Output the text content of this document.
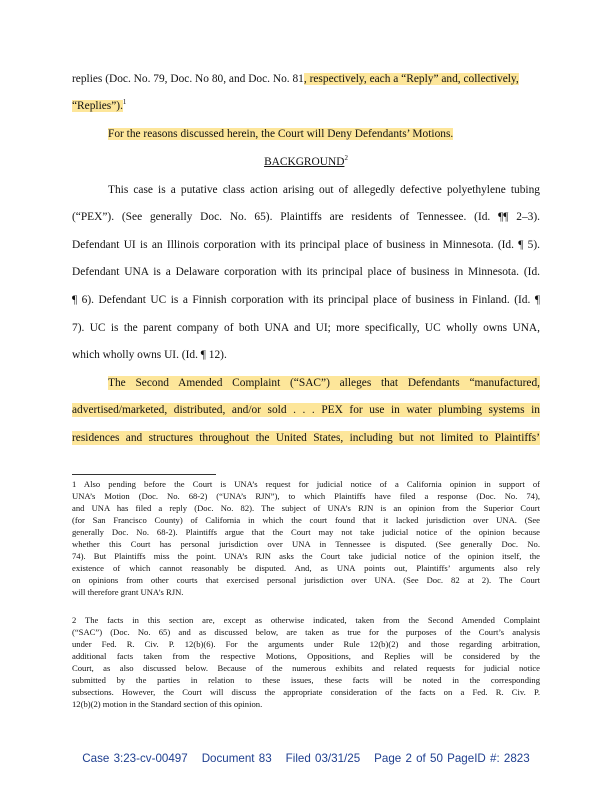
replies (Doc. No. 79, Doc. No 80, and Doc. No. 81, respectively, each a “Reply” and, collectively,
“Replies”).$^1$
For the reasons discussed herein, the Court will Deny Defendants’ Motions.
BACKGROUND$^2$
This case is a putative class action arising out of allegedly defective polyethylene tubing
(“PEX”). (See generally Doc. No. 65). Plaintiffs are residents of Tennessee. (Id. ¶¶ 2–3).
Defendant UI is an Illinois corporation with its principal place of business in Minnesota. (Id. ¶ 5).
Defendant UNA is a Delaware corporation with its principal place of business in Minnesota. (Id.
¶ 6). Defendant UC is a Finnish corporation with its principal place of business in Finland. (Id. ¶
7). UC is the parent company of both UNA and UI; more specifically, UC wholly owns UNA,
which wholly owns UI. (Id. ¶ 12).
The Second Amended Complaint (“SAC”) alleges that Defendants “manufactured,
advertised/marketed, distributed, and/or sold . . . PEX for use in water plumbing systems in
residences and structures throughout the United States, including but not limited to Plaintiffs’
1 Also pending before the Court is UNA’s request for judicial notice of a California opinion in support of
UNA’s Motion (Doc. No. 68-2) (“UNA’s RJN”), to which Plaintiffs have filed a response (Doc. No. 74),
and UNA has filed a reply (Doc. No. 82). The subject of UNA’s RJN is an opinion from the Superior Court
(for San Francisco County) of California in which the court found that it lacked jurisdiction over UNA. (See
generally Doc. No. 68-2). Plaintiffs argue that the Court may not take judicial notice of the opinion because
whether this Court has personal jurisdiction over UNA in Tennessee is disputed. (See generally Doc. No.
74). But Plaintiffs miss the point. UNA’s RJN asks the Court take judicial notice of the opinion itself, the
existence of which cannot reasonably be disputed. And, as UNA points out, Plaintiffs’ arguments also rely
on opinions from other courts that exercised personal jurisdiction over UNA. (See Doc. 82 at 2). The Court
will therefore grant UNA’s RJN.
2 The facts in this section are, except as otherwise indicated, taken from the Second Amended Complaint
(“SAC”) (Doc. No. 65) and as discussed below, are taken as true for the purposes of the Court’s analysis
under Fed. R. Civ. P. 12(b)(6). For the arguments under Rule 12(b)(2) and those regarding arbitration,
additional facts taken from the respective Motions, Oppositions, and Replies will be considered by the
Court, as also discussed below. Because of the numerous exhibits and related requests for judicial notice
submitted by the parties in relation to these issues, these facts will be noted in the corresponding
subsections. However, the Court will discuss the appropriate consideration of the facts on a Fed. R. Civ. P.
12(b)(2) motion in the Standard section of this opinion.
Case 3:23-cv-00497 Document 83 Filed 03/31/25 Page 2 of 50 PageID #: 2823
